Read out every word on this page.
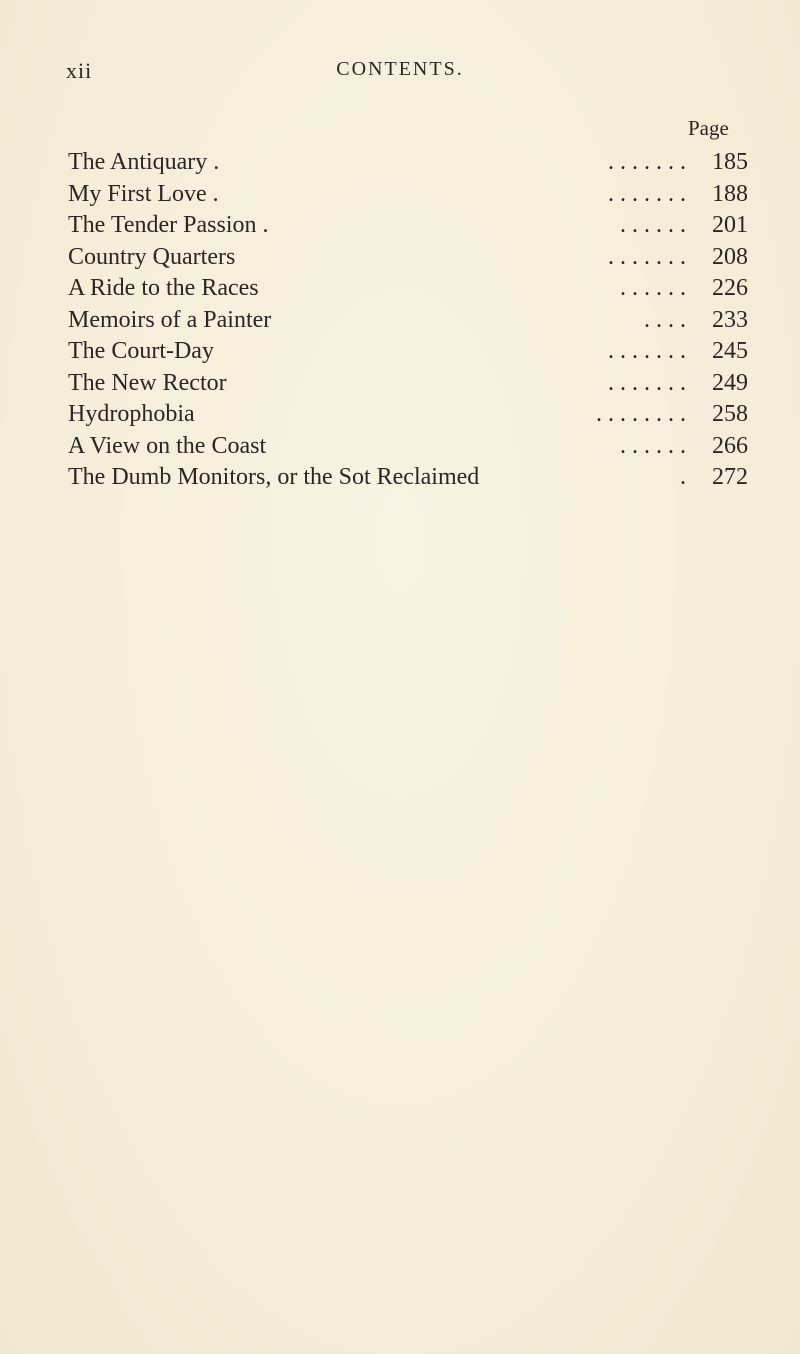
xii	CONTENTS.
Page
The Antiquary .	. . . . . . .	185
My First Love .	. . . . . . .	188
The Tender Passion .	. . . . . .	201
Country Quarters	. . . . . . .	208
A Ride to the Races	. . . . . .	226
Memoirs of a Painter	. . . .	233
The Court-Day	. . . . . . .	245
The New Rector	. . . . . . .	249
Hydrophobia	. . . . . . . .	258
A View on the Coast	. . . . . .	266
The Dumb Monitors, or the Sot Reclaimed	.	272
